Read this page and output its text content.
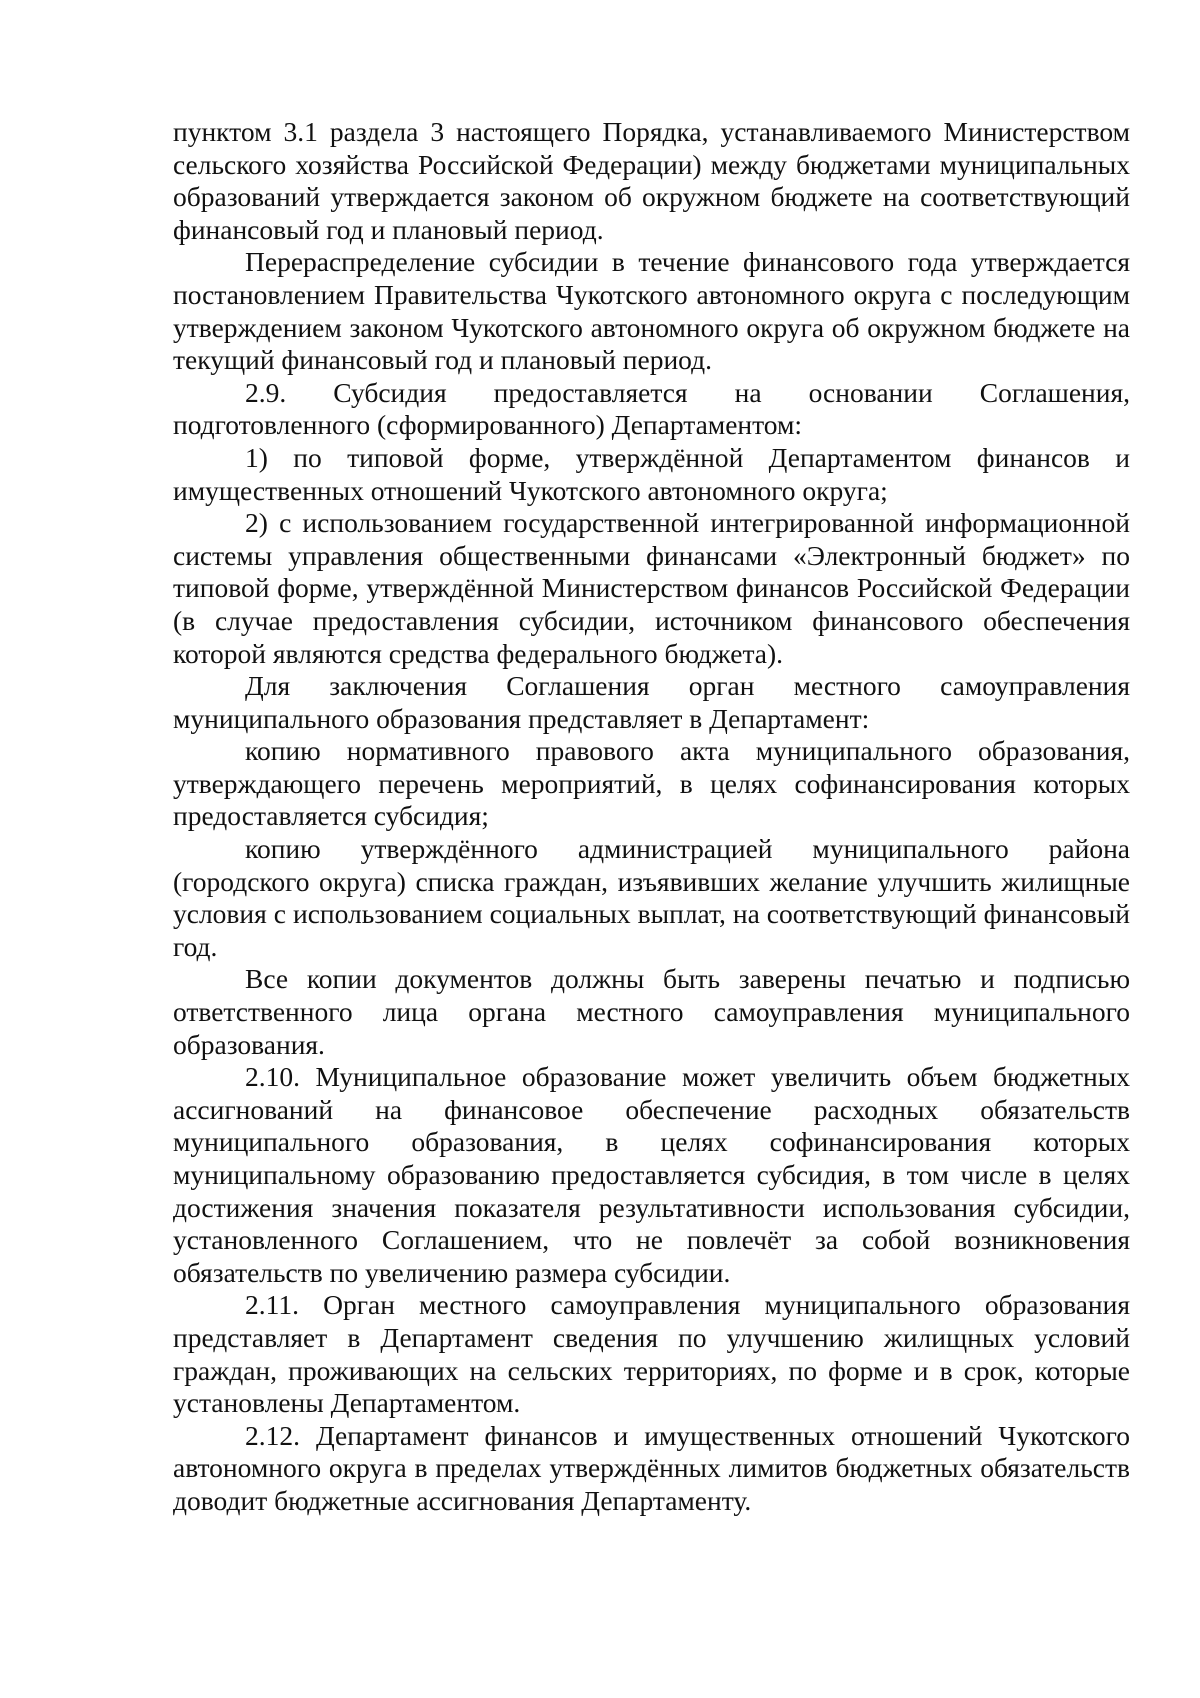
пунктом 3.1 раздела 3 настоящего Порядка, устанавливаемого Министерством сельского хозяйства Российской Федерации) между бюджетами муниципальных образований утверждается законом об окружном бюджете на соответствующий финансовый год и плановый период.

Перераспределение субсидии в течение финансового года утверждается постановлением Правительства Чукотского автономного округа с последующим утверждением законом Чукотского автономного округа об окружном бюджете на текущий финансовый год и плановый период.

2.9. Субсидия предоставляется на основании Соглашения, подготовленного (сформированного) Департаментом:

1) по типовой форме, утверждённой Департаментом финансов и имущественных отношений Чукотского автономного округа;

2) с использованием государственной интегрированной информационной системы управления общественными финансами «Электронный бюджет» по типовой форме, утверждённой Министерством финансов Российской Федерации (в случае предоставления субсидии, источником финансового обеспечения которой являются средства федерального бюджета).

Для заключения Соглашения орган местного самоуправления муниципального образования представляет в Департамент:

копию нормативного правового акта муниципального образования, утверждающего перечень мероприятий, в целях софинансирования которых предоставляется субсидия;

копию утверждённого администрацией муниципального района (городского округа) списка граждан, изъявивших желание улучшить жилищные условия с использованием социальных выплат, на соответствующий финансовый год.

Все копии документов должны быть заверены печатью и подписью ответственного лица органа местного самоуправления муниципального образования.

2.10. Муниципальное образование может увеличить объем бюджетных ассигнований на финансовое обеспечение расходных обязательств муниципального образования, в целях софинансирования которых муниципальному образованию предоставляется субсидия, в том числе в целях достижения значения показателя результативности использования субсидии, установленного Соглашением, что не повлечёт за собой возникновения обязательств по увеличению размера субсидии.

2.11. Орган местного самоуправления муниципального образования представляет в Департамент сведения по улучшению жилищных условий граждан, проживающих на сельских территориях, по форме и в срок, которые установлены Департаментом.

2.12. Департамент финансов и имущественных отношений Чукотского автономного округа в пределах утверждённых лимитов бюджетных обязательств доводит бюджетные ассигнования Департаменту.
